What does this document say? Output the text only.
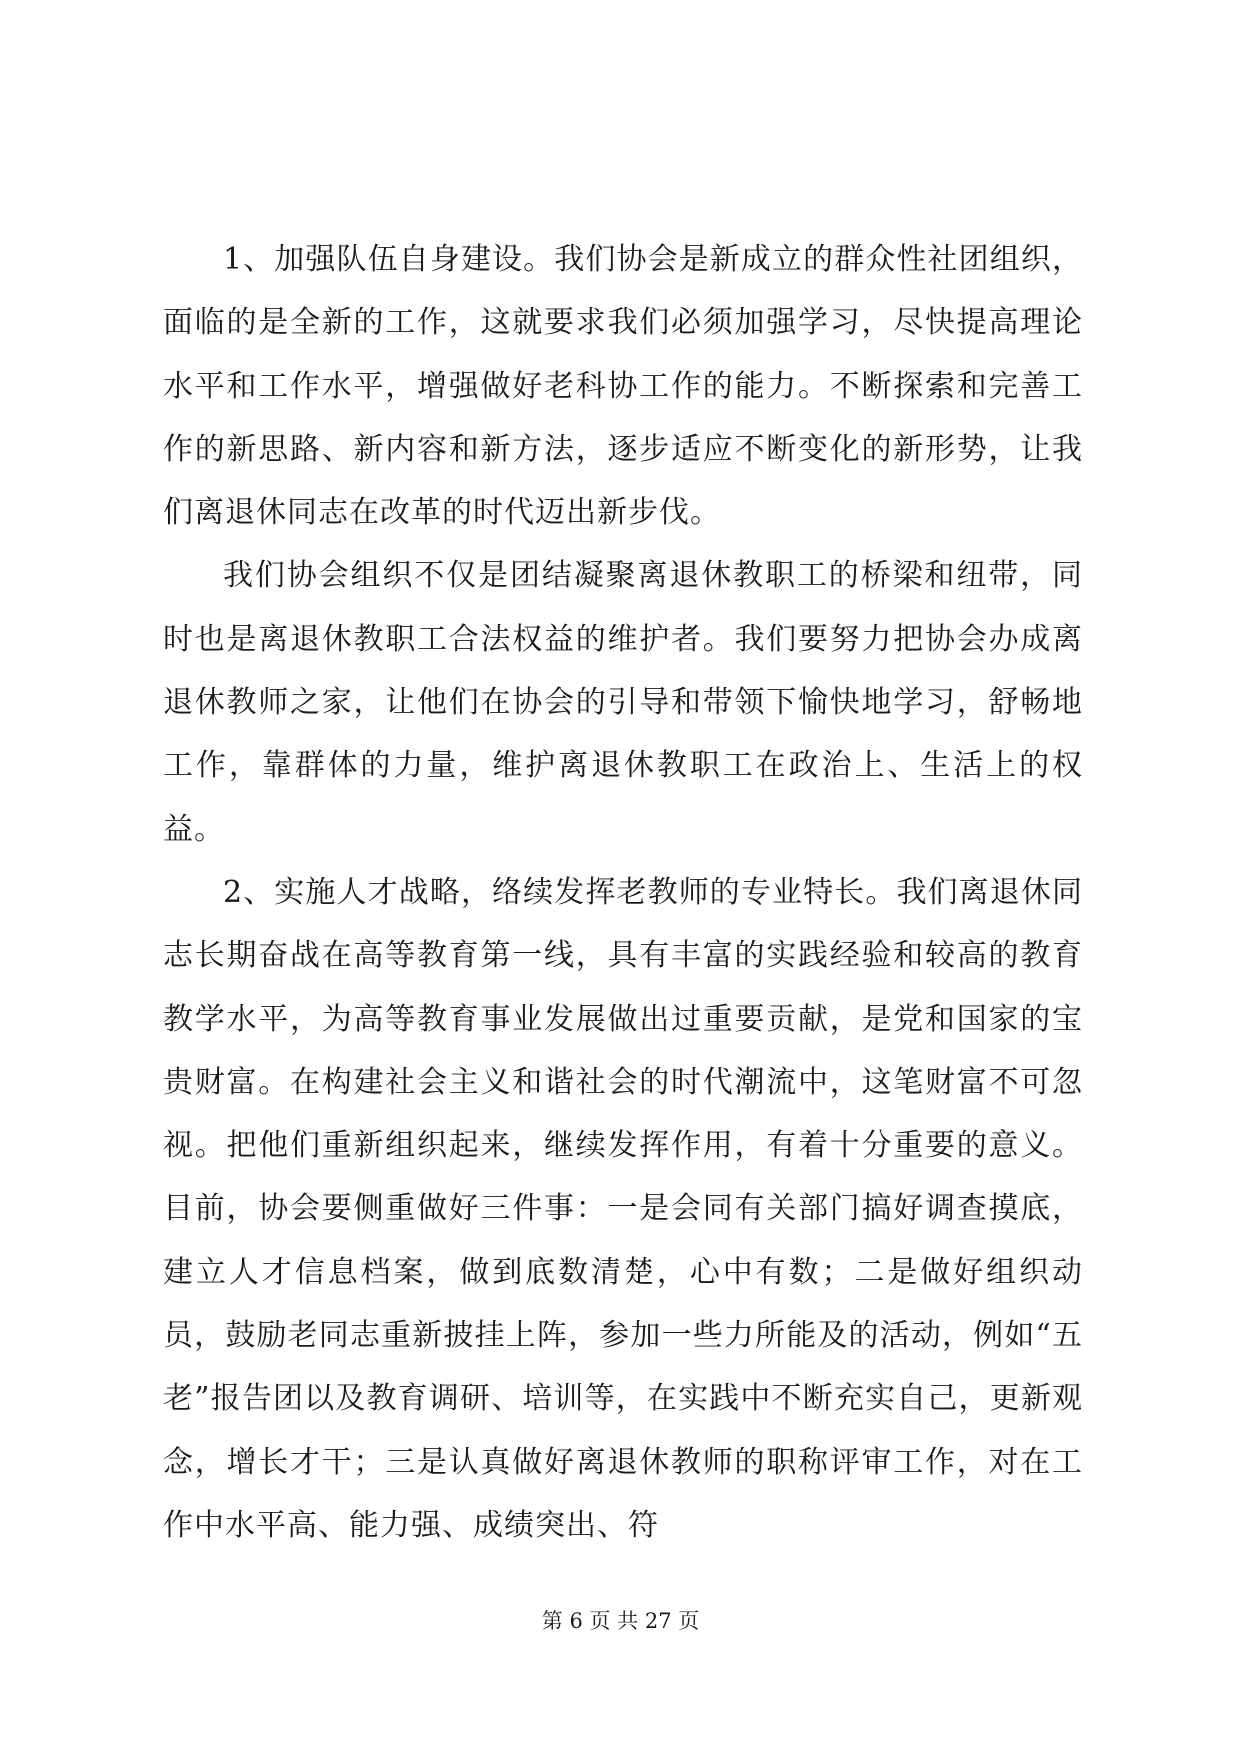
1、加强队伍自身建设。我们协会是新成立的群众性社团组织，面临的是全新的工作，这就要求我们必须加强学习，尽快提高理论水平和工作水平，增强做好老科协工作的能力。不断探索和完善工作的新思路、新内容和新方法，逐步适应不断变化的新形势，让我们离退休同志在改革的时代迈出新步伐。

我们协会组织不仅是团结凝聚离退休教职工的桥梁和纽带，同时也是离退休教职工合法权益的维护者。我们要努力把协会办成离退休教师之家，让他们在协会的引导和带领下愉快地学习，舒畅地工作，靠群体的力量，维护离退休教职工在政治上、生活上的权益。

2、实施人才战略，络续发挥老教师的专业特长。我们离退休同志长期奋战在高等教育第一线，具有丰富的实践经验和较高的教育教学水平，为高等教育事业发展做出过重要贡献，是党和国家的宝贵财富。在构建社会主义和谐社会的时代潮流中，这笔财富不可忽视。把他们重新组织起来，继续发挥作用，有着十分重要的意义。目前，协会要侧重做好三件事：一是会同有关部门搞好调查摸底，建立人才信息档案，做到底数清楚，心中有数；二是做好组织动员，鼓励老同志重新披挂上阵，参加一些力所能及的活动，例如“五老”报告团以及教育调研、培训等，在实践中不断充实自己，更新观念，增长才干；三是认真做好离退休教师的职称评审工作，对在工作中水平高、能力强、成绩突出、符

第 6 页 共 27 页
